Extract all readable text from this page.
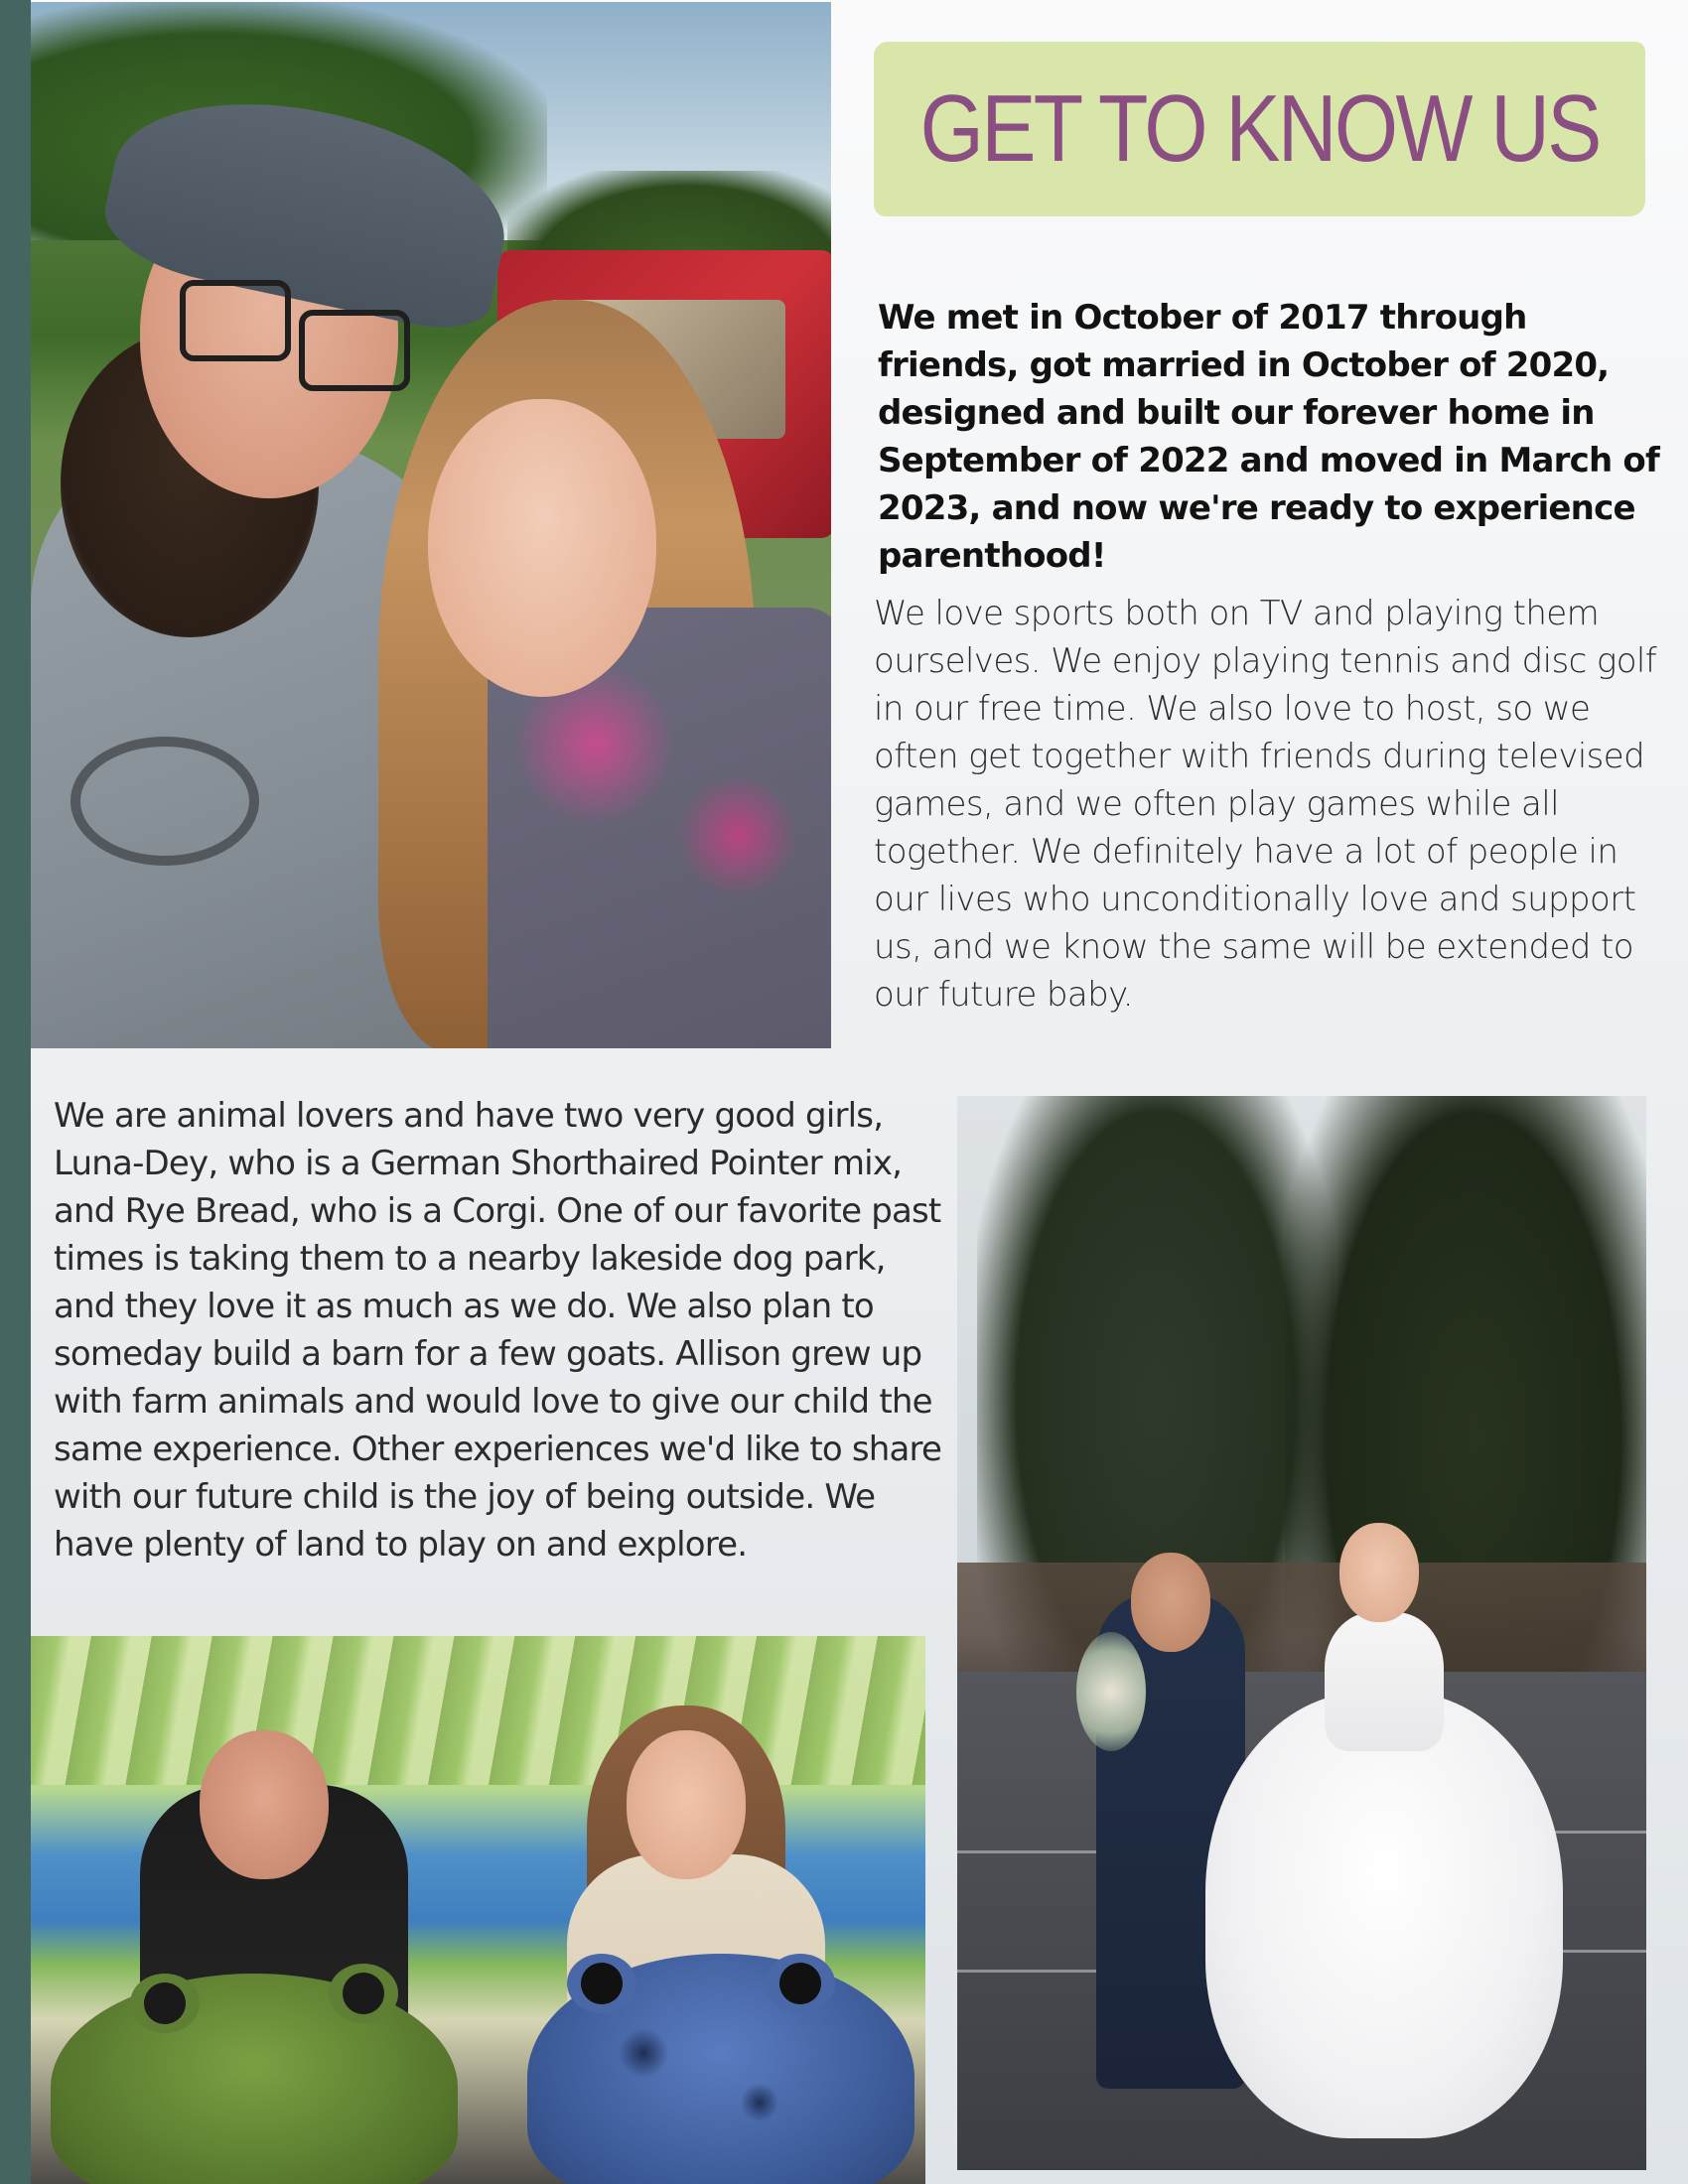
GET TO KNOW US

We met in October of 2017 through friends, got married in October of 2020, designed and built our forever home in September of 2022 and moved in March of 2023, and now we're ready to experience parenthood!

We love sports both on TV and playing them ourselves. We enjoy playing tennis and disc golf in our free time. We also love to host, so we often get together with friends during televised games, and we often play games while all together. We definitely have a lot of people in our lives who unconditionally love and support us, and we know the same will be extended to our future baby.

We are animal lovers and have two very good girls, Luna-Dey, who is a German Shorthaired Pointer mix, and Rye Bread, who is a Corgi. One of our favorite past times is taking them to a nearby lakeside dog park, and they love it as much as we do. We also plan to someday build a barn for a few goats. Allison grew up with farm animals and would love to give our child the same experience. Other experiences we'd like to share with our future child is the joy of being outside. We have plenty of land to play on and explore.
